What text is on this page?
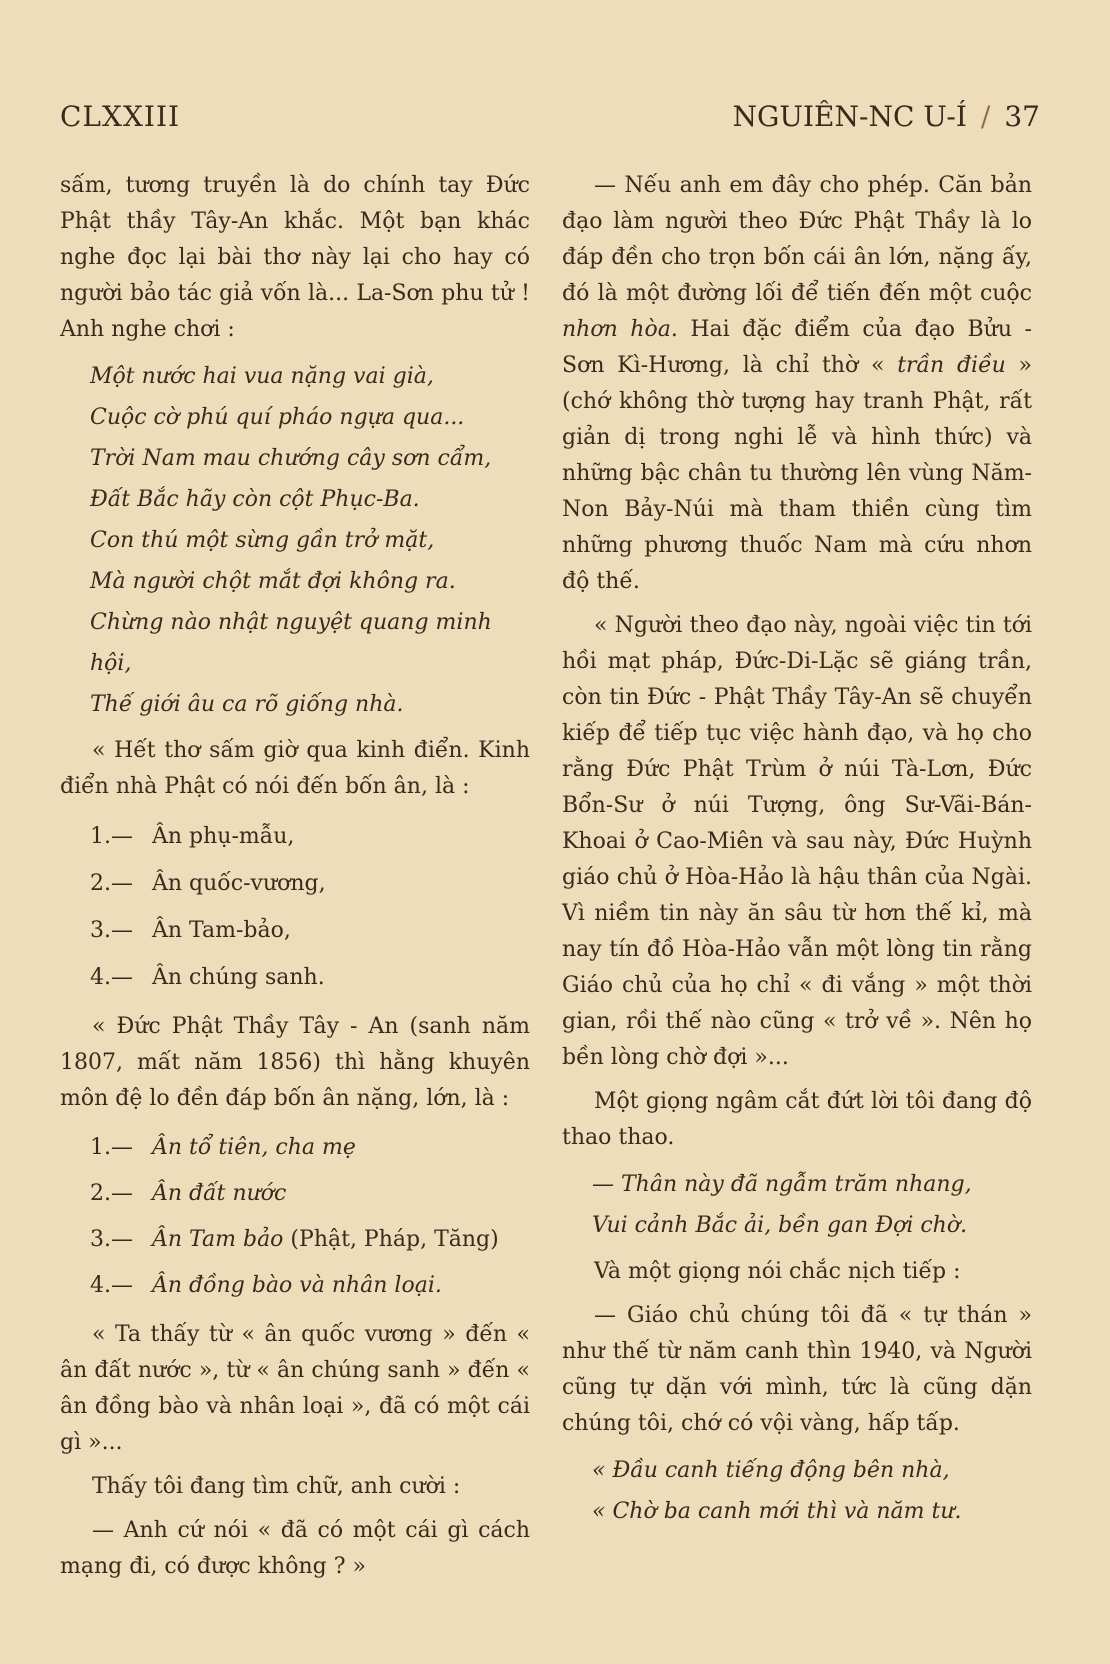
CLXXIII	NGUIÊN-NC U-Í / 37

sấm, tương truyền là do chính tay Đức Phật thầy Tây-An khắc. Một bạn khác nghe đọc lại bài thơ này lại cho hay có người bảo tác giả vốn là... La-Sơn phu tử ! Anh nghe chơi :

Một nước hai vua nặng vai già,
Cuộc cờ phú quí pháo ngựa qua...
Trời Nam mau chướng cây sơn cẩm,
Đất Bắc hãy còn cột Phục-Ba.
Con thú một sừng gần trở mặt,
Mà người chột mắt đợi không ra.
Chừng nào nhật nguyệt quang minh hội,
Thế giới âu ca rõ giống nhà.

« Hết thơ sấm giờ qua kinh điển. Kinh điển nhà Phật có nói đến bốn ân, là :

1.— Ân phụ-mẫu,
2.— Ân quốc-vương,
3.— Ân Tam-bảo,
4.— Ân chúng sanh.

« Đức Phật Thầy Tây - An (sanh năm 1807, mất năm 1856) thì hằng khuyên môn đệ lo đền đáp bốn ân nặng, lớn, là :

1.— Ân tổ tiên, cha mẹ
2.— Ân đất nước
3.— Ân Tam bảo (Phật, Pháp, Tăng)
4.— Ân đồng bào và nhân loại.

« Ta thấy từ « ân quốc vương » đến « ân đất nước », từ « ân chúng sanh » đến « ân đồng bào và nhân loại », đã có một cái gì »...

Thấy tôi đang tìm chữ, anh cười :

— Anh cứ nói « đã có một cái gì cách mạng đi, có được không ? »

— Nếu anh em đây cho phép. Căn bản đạo làm người theo Đức Phật Thầy là lo đáp đền cho trọn bốn cái ân lớn, nặng ấy, đó là một đường lối để tiến đến một cuộc nhơn hòa. Hai đặc điểm của đạo Bửu - Sơn Kì-Hương, là chỉ thờ « trần điều » (chớ không thờ tượng hay tranh Phật, rất giản dị trong nghi lễ và hình thức) và những bậc chân tu thường lên vùng Năm-Non Bảy-Núi mà tham thiền cùng tìm những phương thuốc Nam mà cứu nhơn độ thế.

« Người theo đạo này, ngoài việc tin tới hồi mạt pháp, Đức-Di-Lặc sẽ giáng trần, còn tin Đức - Phật Thầy Tây-An sẽ chuyển kiếp để tiếp tục việc hành đạo, và họ cho rằng Đức Phật Trùm ở núi Tà-Lơn, Đức Bổn-Sư ở núi Tượng, ông Sư-Vãi-Bán-Khoai ở Cao-Miên và sau này, Đức Huỳnh giáo chủ ở Hòa-Hảo là hậu thân của Ngài. Vì niềm tin này ăn sâu từ hơn thế kỉ, mà nay tín đồ Hòa-Hảo vẫn một lòng tin rằng Giáo chủ của họ chỉ « đi vắng » một thời gian, rồi thế nào cũng « trở về ». Nên họ bền lòng chờ đợi »...

Một giọng ngâm cắt đứt lời tôi đang độ thao thao.

— Thân này đã ngẫm trăm nhang,
Vui cảnh Bắc ải, bền gan Đợi chờ.

Và một giọng nói chắc nịch tiếp :

— Giáo chủ chúng tôi đã « tự thán » như thế từ năm canh thìn 1940, và Người cũng tự dặn với mình, tức là cũng dặn chúng tôi, chớ có vội vàng, hấp tấp.

« Đầu canh tiếng động bên nhà,
« Chờ ba canh mới thì và năm tư.
